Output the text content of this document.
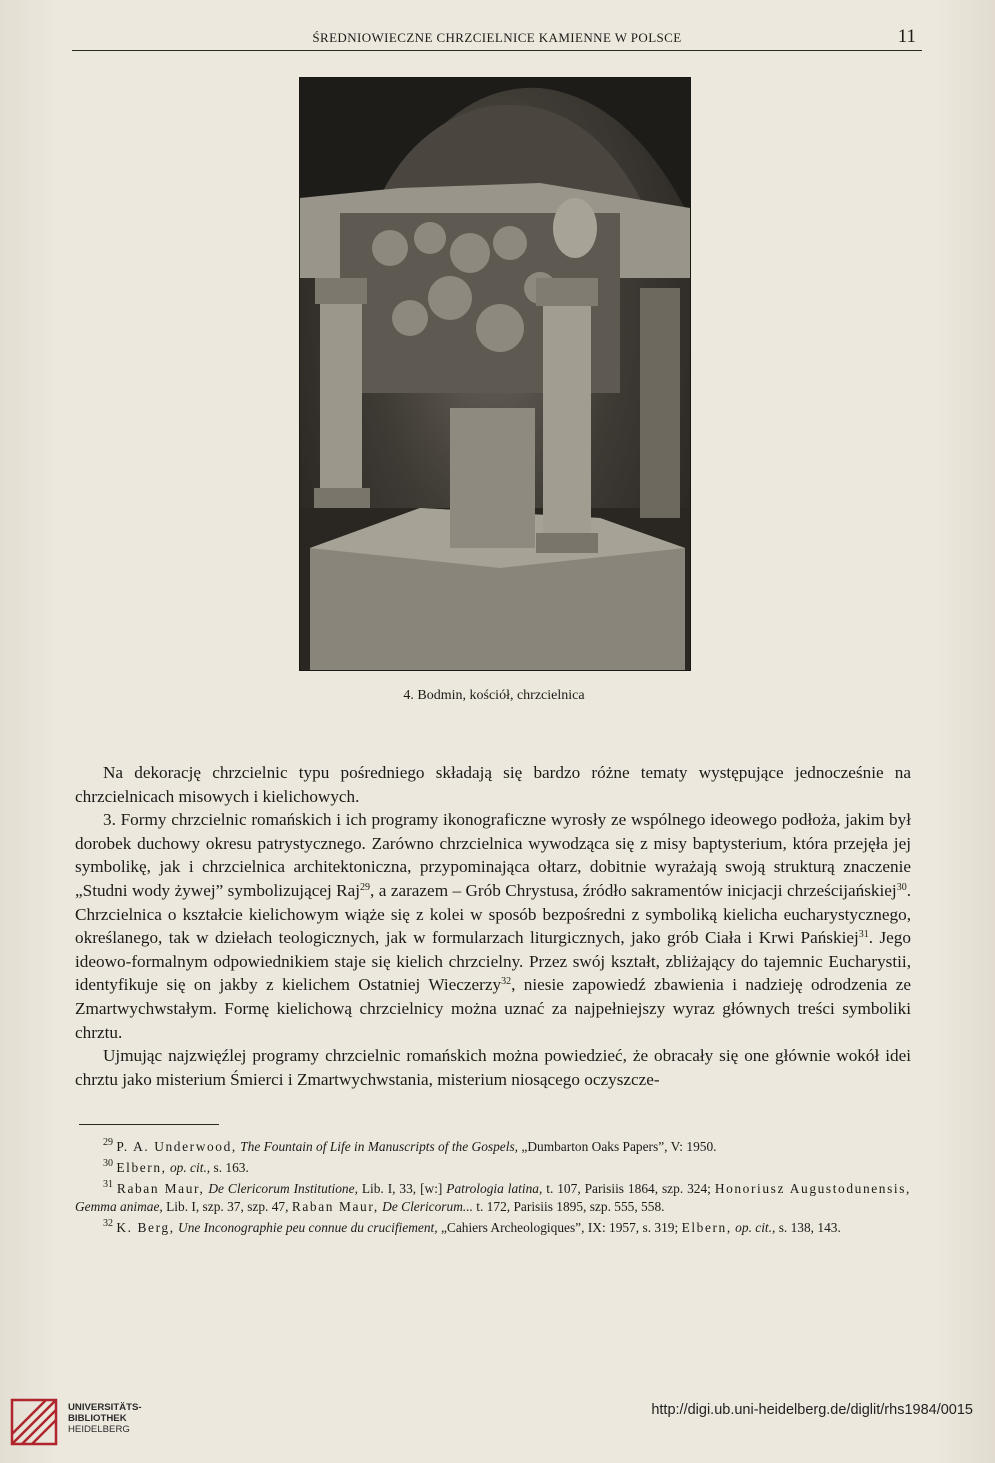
ŚREDNIOWIECZNE CHRZCIELNICE KAMIENNE W POLSCE	11
4. Bodmin, kościół, chrzcielnica

Na dekorację chrzcielnic typu pośredniego składają się bardzo różne tematy występujące jednocześnie na chrzcielnicach misowych i kielichowych.

3. Formy chrzcielnic romańskich i ich programy ikonograficzne wyrosły ze wspólnego ideowego podłoża, jakim był dorobek duchowy okresu patrystycznego. Zarówno chrzcielnica wywodząca się z misy baptysterium, która przejęła jej symbolikę, jak i chrzcielnica architektoniczna, przypominająca ołtarz, dobitnie wyrażają swoją strukturą znaczenie „Studni wody żywej” symbolizującej Raj$^{29}$, a zarazem – Grób Chrystusa, źródło sakramentów inicjacji chrześcijańskiej$^{30}$. Chrzcielnica o kształcie kielichowym wiąże się z kolei w sposób bezpośredni z symboliką kielicha eucharystycznego, określanego, tak w dziełach teologicznych, jak w formularzach liturgicznych, jako grób Ciała i Krwi Pańskiej$^{31}$. Jego ideowo-formalnym odpowiednikiem staje się kielich chrzcielny. Przez swój kształt, zbliżający do tajemnic Eucharystii, identyfikuje się on jakby z kielichem Ostatniej Wieczerzy$^{32}$, niesie zapowiedź zbawienia i nadzieję odrodzenia ze Zmartwychwstałym. Formę kielichową chrzcielnicy można uznać za najpełniejszy wyraz głównych treści symboliki chrztu.

Ujmując najzwięźlej programy chrzcielnic romańskich można powiedzieć, że obracały się one głównie wokół idei chrztu jako misterium Śmierci i Zmartwychwstania, misterium niosącego oczyszcze-

$^{29}$ P. A. Underwood, The Fountain of Life in Manuscripts of the Gospels, „Dumbarton Oaks Papers”, V: 1950.

$^{30}$ Elbern, op. cit., s. 163.

$^{31}$ Raban Maur, De Clericorum Institutione, Lib. I, 33, [w:] Patrologia latina, t. 107, Parisiis 1864, szp. 324; Honoriusz Augustodunensis, Gemma animae, Lib. I, szp. 37, szp. 47, Raban Maur, De Clericorum... t. 172, Parisiis 1895, szp. 555, 558.

$^{32}$ K. Berg, Une Inconographie peu connue du crucifiement, „Cahiers Archeologiques”, IX: 1957, s. 319; Elbern, op. cit., s. 138, 143.

UNIVERSITÄTS-
BIBLIOTHEK
HEIDELBERG
http://digi.ub.uni-heidelberg.de/diglit/rhs1984/0015
